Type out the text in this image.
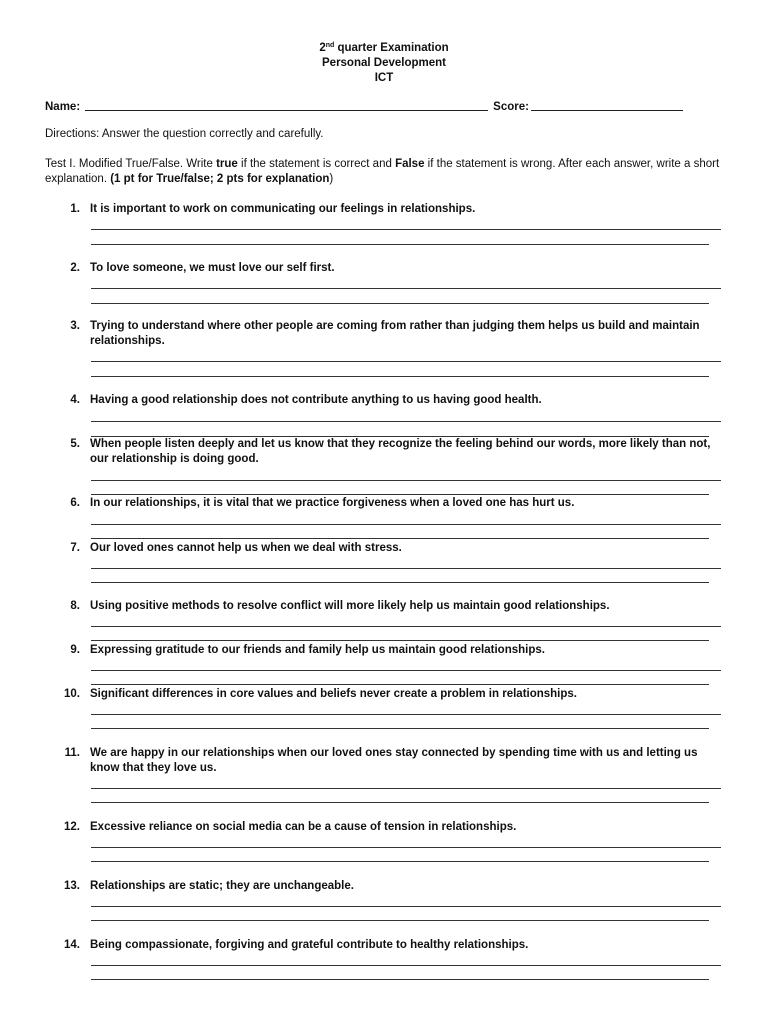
2nd quarter Examination
Personal Development
ICT
Name:	Score:
Directions: Answer the question correctly and carefully.
Test I. Modified True/False. Write true if the statement is correct and False if the statement is wrong. After each answer, write a short explanation. (1 pt for True/false; 2 pts for explanation)
1. It is important to work on communicating our feelings in relationships.
2. To love someone, we must love our self first.
3. Trying to understand where other people are coming from rather than judging them helps us build and maintain relationships.
4. Having a good relationship does not contribute anything to us having good health.
5. When people listen deeply and let us know that they recognize the feeling behind our words, more likely than not, our relationship is doing good.
6. In our relationships, it is vital that we practice forgiveness when a loved one has hurt us.
7. Our loved ones cannot help us when we deal with stress.
8. Using positive methods to resolve conflict will more likely help us maintain good relationships.
9. Expressing gratitude to our friends and family help us maintain good relationships.
10. Significant differences in core values and beliefs never create a problem in relationships.
11. We are happy in our relationships when our loved ones stay connected by spending time with us and letting us know that they love us.
12. Excessive reliance on social media can be a cause of tension in relationships.
13. Relationships are static; they are unchangeable.
14. Being compassionate, forgiving and grateful contribute to healthy relationships.
